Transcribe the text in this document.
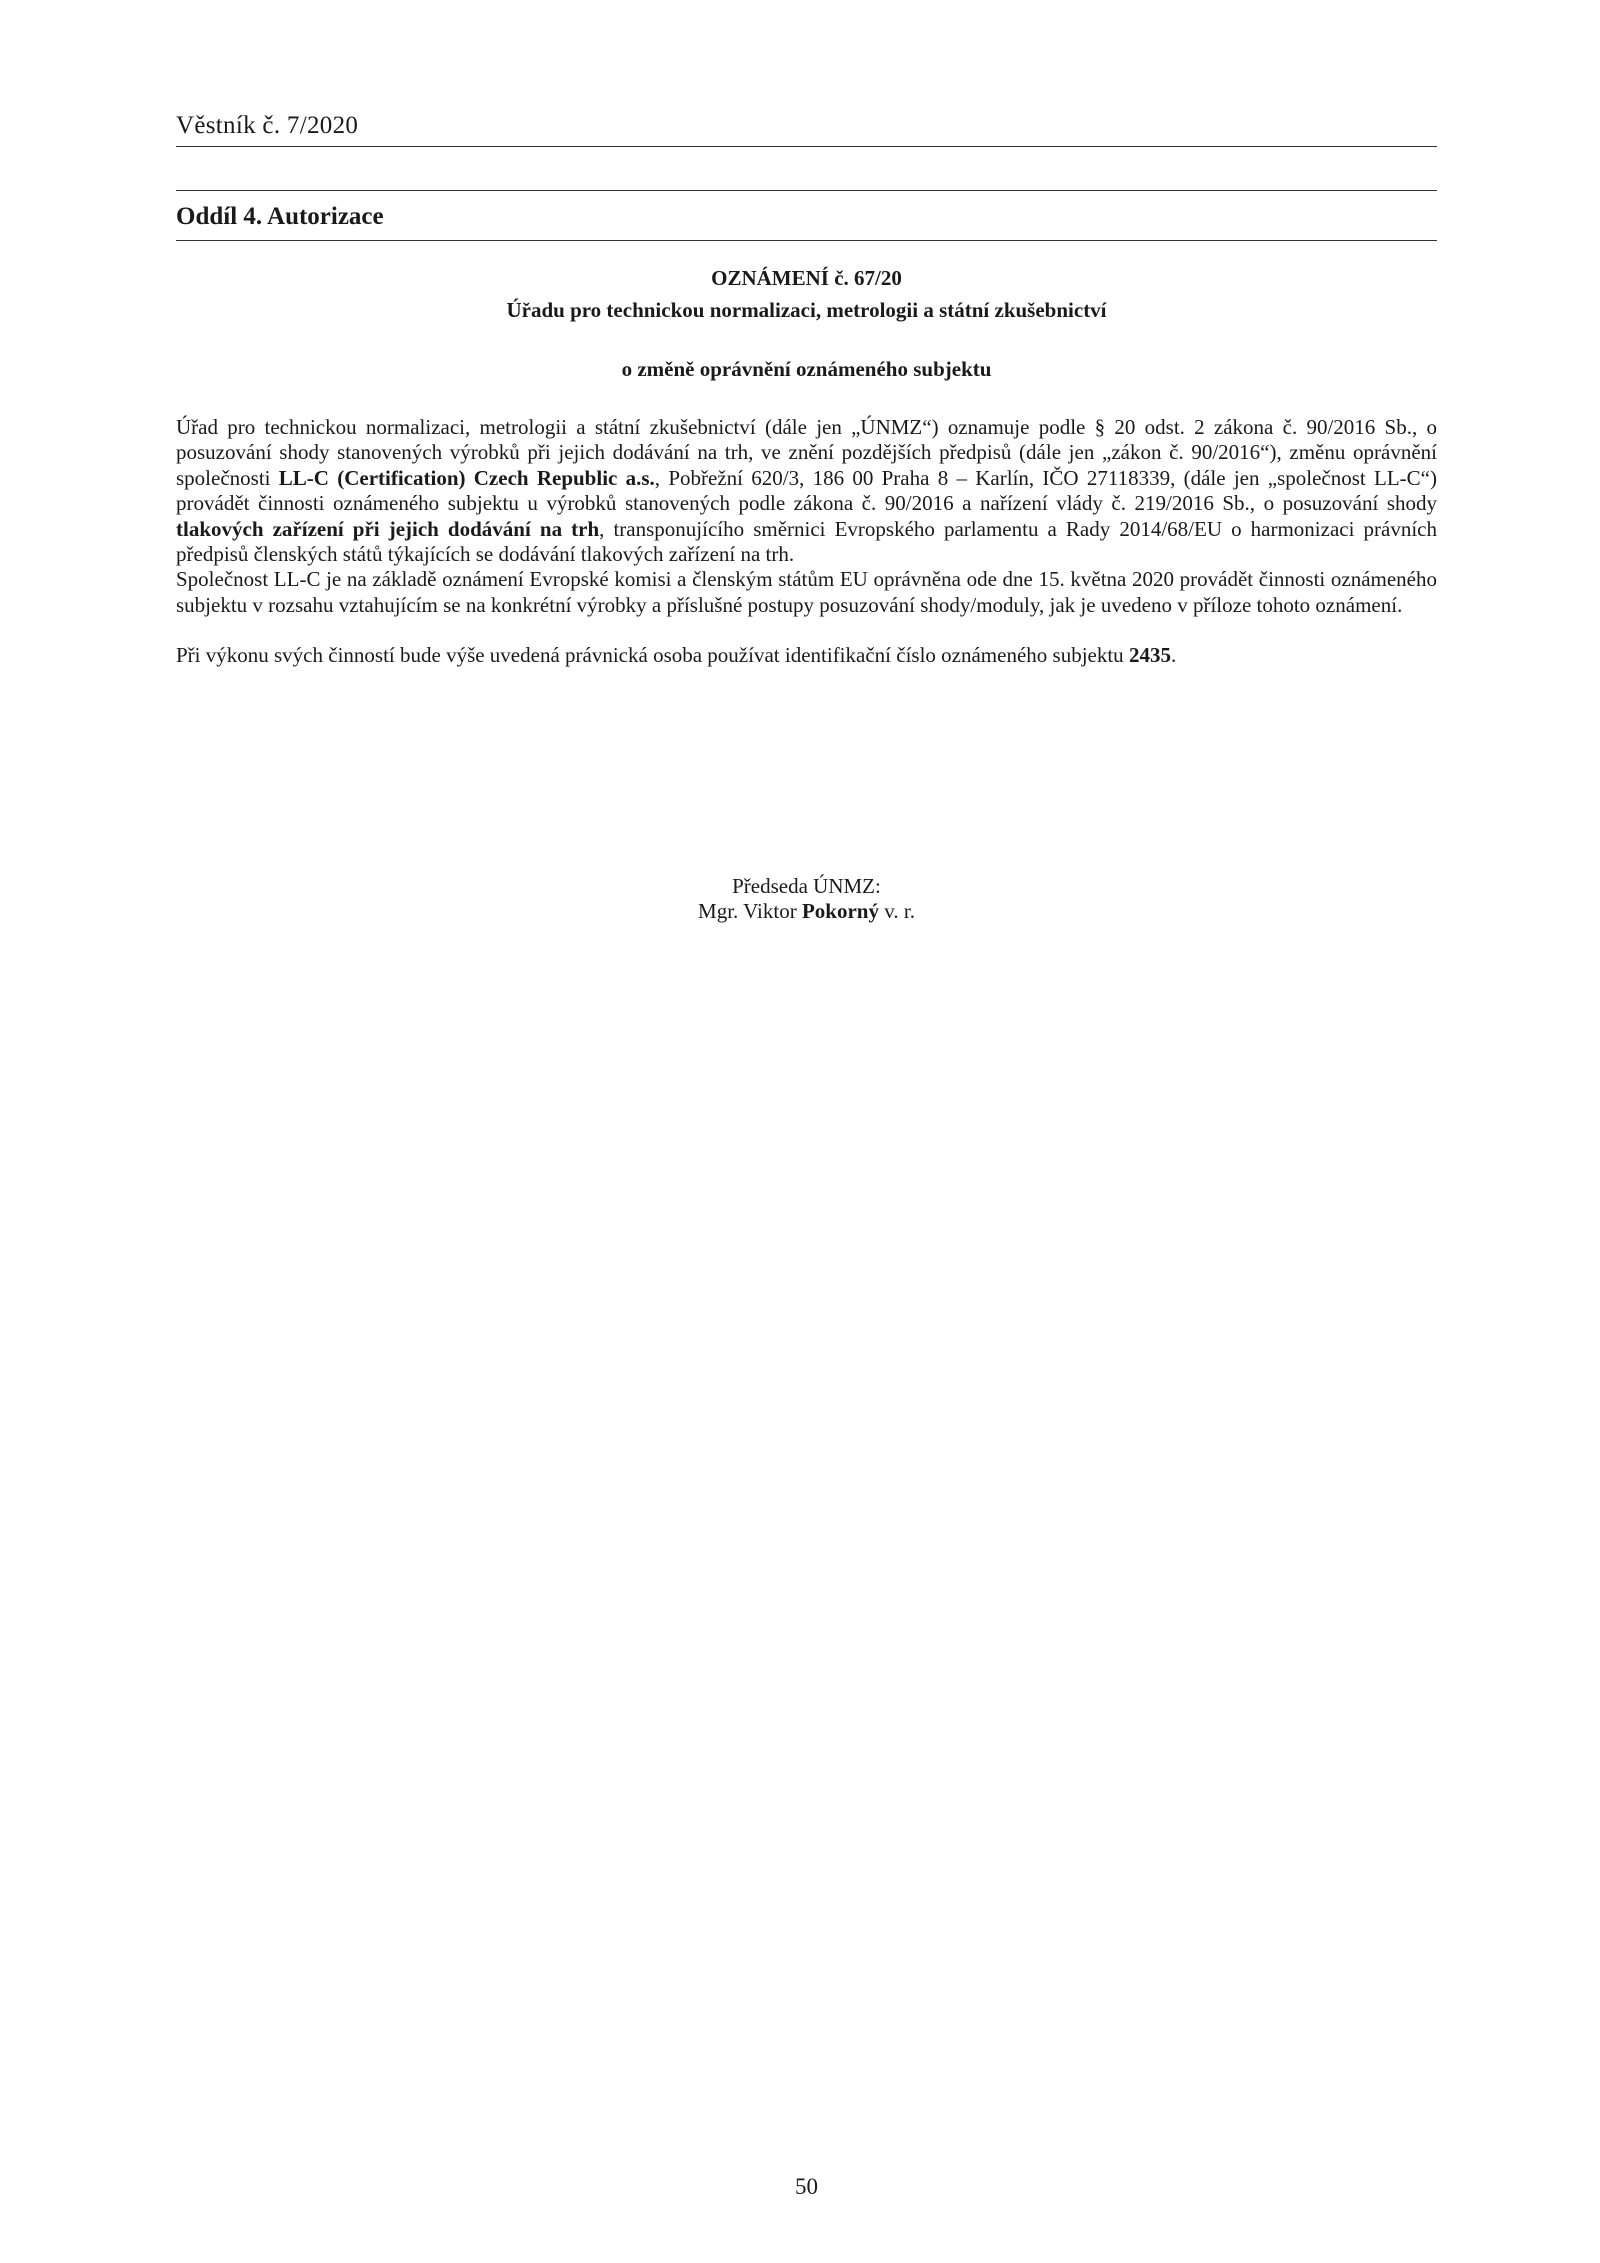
Věstník č. 7/2020
Oddíl 4. Autorizace
OZNÁMENÍ č. 67/20
Úřadu pro technickou normalizaci, metrologii a státní zkušebnictví
o změně oprávnění oznámeného subjektu

Úřad pro technickou normalizaci, metrologii a státní zkušebnictví (dále jen „ÚNMZ“) oznamuje podle § 20 odst. 2 zákona č. 90/2016 Sb., o posuzování shody stanovených výrobků při jejich dodávání na trh, ve znění pozdějších předpisů (dále jen „zákon č. 90/2016“), změnu oprávnění společnosti LL-C (Certification) Czech Republic a.s., Pobřežní 620/3, 186 00 Praha 8 – Karlín, IČO 27118339, (dále jen „společnost LL-C“) provádět činnosti oznámeného subjektu u výrobků stanovených podle zákona č. 90/2016 a nařízení vlády č. 219/2016 Sb., o posuzování shody tlakových zařízení při jejich dodávání na trh, transponujícího směrnici Evropského parlamentu a Rady 2014/68/EU o harmonizaci právních předpisů členských států týkajících se dodávání tlakových zařízení na trh.

Společnost LL-C je na základě oznámení Evropské komisi a členským státům EU oprávněna ode dne 15. května 2020 provádět činnosti oznámeného subjektu v rozsahu vztahujícím se na konkrétní výrobky a příslušné postupy posuzování shody/moduly, jak je uvedeno v příloze tohoto oznámení.

Při výkonu svých činností bude výše uvedená právnická osoba používat identifikační číslo oznámeného subjektu 2435.

Předseda ÚNMZ:
Mgr. Viktor Pokorný v. r.
50
